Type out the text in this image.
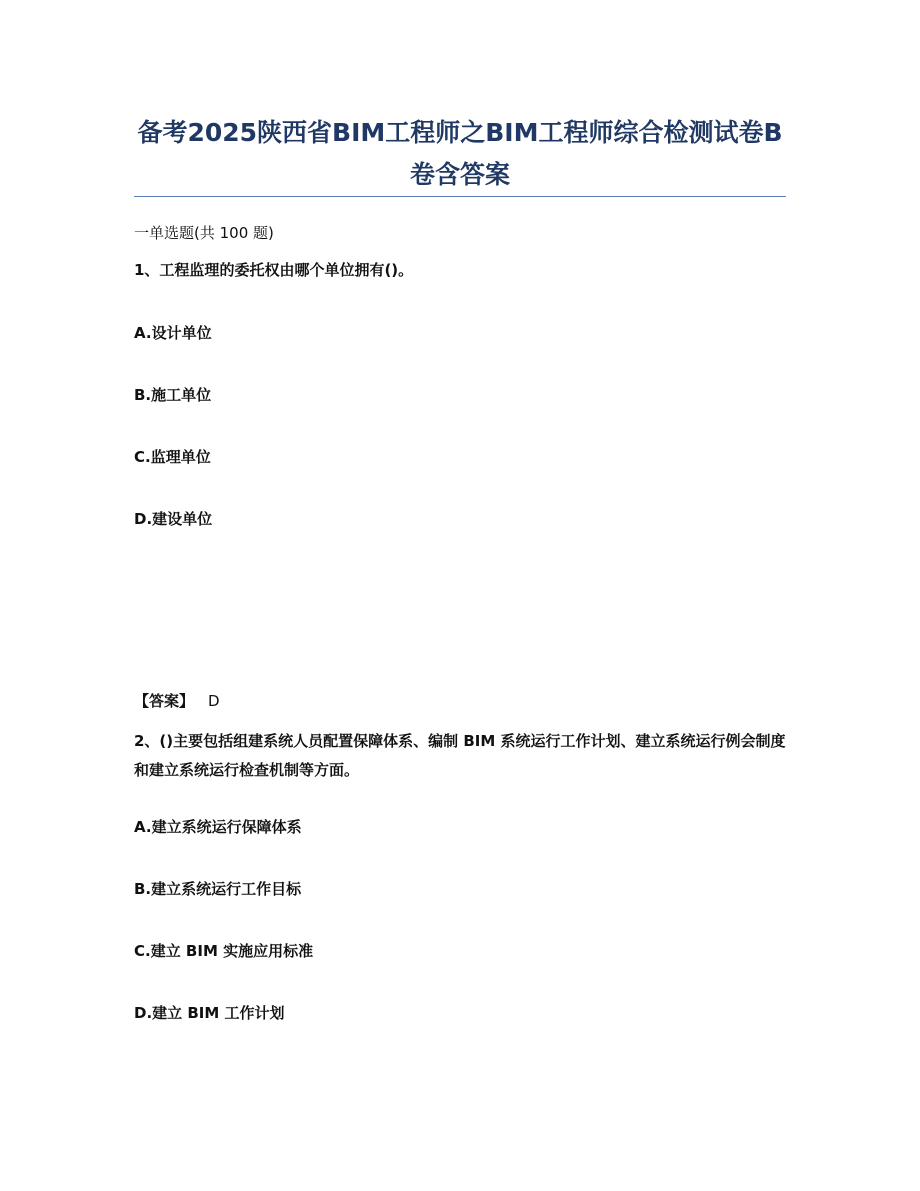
备考2025陕西省BIM工程师之BIM工程师综合检测试卷B卷含答案

一单选题(共 100 题)

1、工程监理的委托权由哪个单位拥有()。

A.设计单位

B.施工单位

C.监理单位

D.建设单位

【答案】 D

2、()主要包括组建系统人员配置保障体系、编制 BIM 系统运行工作计划、建立系统运行例会制度和建立系统运行检查机制等方面。

A.建立系统运行保障体系

B.建立系统运行工作目标

C.建立 BIM 实施应用标准

D.建立 BIM 工作计划
